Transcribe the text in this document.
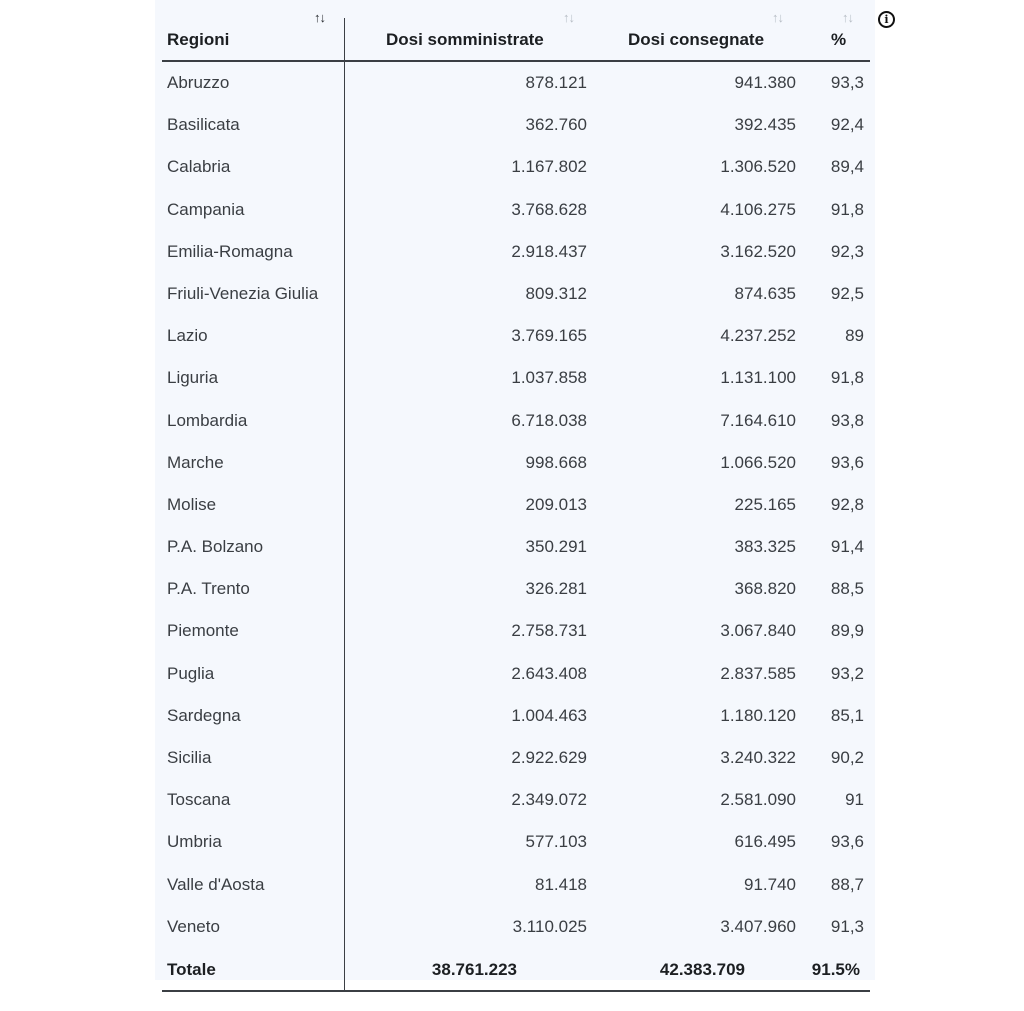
↑↓
Regioni
↑↓
Dosi somministrate
↑↓
Dosi consegnate
↑↓
%
Abruzzo	878.121	941.380 93,3
Basilicata	362.760	392.435 92,4
Calabria	1.167.802	1.306.520 89,4
Campania	3.768.628	4.106.275 91,8
Emilia-Romagna	2.918.437	3.162.520 92,3
Friuli-Venezia Giulia	809.312	874.635 92,5
Lazio	3.769.165	4.237.252	89
Liguria	1.037.858	1.131.100 91,8
Lombardia	6.718.038	7.164.610 93,8
Marche	998.668	1.066.520 93,6
Molise	209.013	225.165 92,8
P.A. Bolzano	350.291	383.325 91,4
P.A. Trento	326.281	368.820 88,5
Piemonte	2.758.731	3.067.840 89,9
Puglia	2.643.408	2.837.585 93,2
Sardegna	1.004.463	1.180.120 85,1
Sicilia	2.922.629	3.240.322 90,2
Toscana	2.349.072	2.581.090	91
Umbria	577.103	616.495 93,6
Valle d'Aosta	81.418	91.740 88,7
Veneto	3.110.025	3.407.960 91,3
Totale	38.761.223	42.383.709	91.5%
i
